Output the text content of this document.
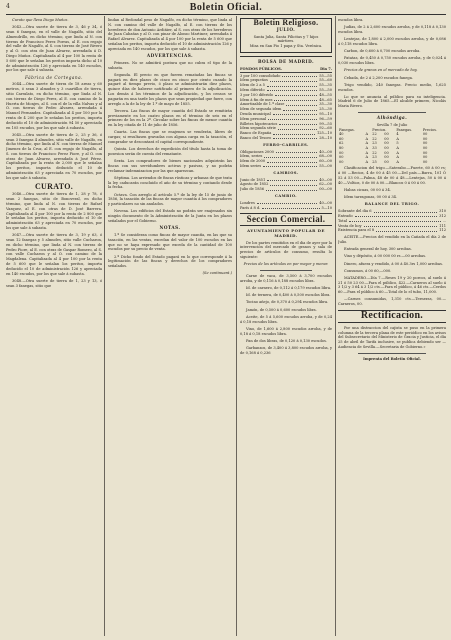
4	Boletin Oficial.

Curato que lleva Diego Muñoz.

3043.—Otra suerte de tierra de 3, 46 y 34, ó sean 6 fanegas, en el valle de Nagalfo, sitio del Almendrillo, en dicho término, que linda al N. con tierras de Francisco Perez Porras, al E. con regajo del valle de Nagalfo, al S. con tierras de José Rivero y al O. con otra de Juan Alvarez, arrendada á D. Diego Muñoz. Capitalizada al 4 por 100 la renta de 5 600 que le señalan los peritos importa dicho al 10 de administración 126 y apreciada en 140 escudos, por los que sale á subasta.

Fábrica de Cortegana.

3044.—Otra suerte de tierra de 18 areas y 60 metros, ó sean 3 almudes y 3 cuartillos de tierra, sitio Carralato, en dicho término, que linda al N. con tierras de Diego Perez, al E. con camino de la Huerta de Monjes, al S. con el de la villa Nalvas y al O. con tierras de Pedro Alvarez, arrendada á Manuel Fernandez. Capitalizada al 4 por 100 por la renta de 4 200 que le señalan los peritos, importa deducido el 10 de administración 94 50 y apreciada en 105 escudos, por los que sale á subasta.

3045.—Otra suerte de tierra de 2, 25 y 36, ó sean 3 fanegas 4 almudes, sitio valle de Nagalfo, en dicho término, que linda al N. con tierras de Manuel Jimenez de la Cruz, al E. con regajo de Nagalfo, al S. con tierras de Francisco Perez Fiore, y al O. con otras de Juan Alvarez, arrendada á José Pérez. Capitalizada por la renta de 2,000 que le señalan los peritos, importa deducido el 10 de administración 63 y apreciada en 70 escudos, por los que sale á subasta.

CURATO.

3046.—Otra suerte de tierra de 1, 28 y 78, ó sean 2 fanegas, sitio de Bonoveral, en dicho término, que linda al N. con tierras de Rafael Vazquez, al E. con otras de D. José Barrera. Capitalizada al 4 por 100 por la renta de 2 800 que le señalan los peritos, importa deducido el 10 de administración 63 y apreciada en 70 escudos, por los que sale á subasta.

3047.—Otra suerte de tierra de 3, 19 y 63, ó sean 12 fanegas y 5 almudes, sitio valle Cucharon, en dicho término, que linda al N. con tierras de Pedro Fiore, al E. con otras de Gaspar Romero, al S. con valle Cucharon y al O. con camino de la Magdalena. Capitalizada al 4 por 100 por la renta de 5 600 que le señalan los peritos, importa deducido el 10 de administración 126 y apreciada en 140 escudos, por los que sale á subasta.

3048.—Otra suerte de tierra de 1, 23 y 13, ó sean 3 fanegas, sitio que

lindan al Redondal peso de Nagalfo, en dicho término, que linda al N. con camino del valle de Nagalfo, al E. con tierras de los herederos de don Antonio Ardiñier, al S. con otras de los herederos de Juan Cabañas y al O. con pinar de Alonso Martinez; arrendada á Rafael Alvarez. Capitalizada al 4 por 100 por la renta de 5 600 que señalan los peritos, importa deducido el 10 de administración 126 y apreciada en 140 escudos, por los que sale á subasta.

ADVERTENCIAS.

Primera. No se admitirá postura que no cubra el tipo de la subasta.

Segunda. El precio en que fueren rematadas las fincas se pagará en diez plazos de cinco en cinco por ciento cuando la pagaré al tiempo previo, ó plazo se administrarán diez plazos, quince días de haberse notificado al primero de la adjudicación. Los demás á los términos de la adjudicación, y los censos se pagarán en una tarde los plazos que sean propiedad que fuere, con arreglo a la de la ley de 1.º de mayo de 1855.

Tercera. Las fincas de mayor cuantía del Estado se remitirán previamente en los cuatro plazos en el término de seis en el primero de los en la 2ª. Circular sobre las fincas de menor cuantía en la ley citada de 11 de julio de 1856.

Cuarta. Las fincas que se enajenen se venderán, libres de cargas; si resultasen gravadas con alguna carga en la tasación, el comprador se descontará el capital correspondiente.

Quinta. Los derechos de expedición del título hasta la toma de posesion serán de cuenta del rematante.

Sexta. Los compradores de bienes nacionales adquirirán las fincas con sus servidumbres activas y pasivas, y no podrán reclamar indemnizacion por las que aparezcan.

Séptima. Los arriendos de fincas rústicas y urbanas de que trata la ley caducarán concluido el año de su término y contando desde la fecha.

Octava. Con arreglo al artículo 5.º de la ley de 15 de junio de 1856, la tasación de las fincas de mayor cuantía á los compradores y particulares no sin anulados.

Novena. Los edificios del Estado no podrán ser enajenados sin ningún documento de la Administración de la Junta en los plazos señalados por el Gobierno.

NOTAS.

1.ª Se consideran como fincas de mayor cuantía, en las que su tasación, en las ventas, excedan del valor de 100 escudos en las que no se haya expresado que exceda de la cantidad de 100 escudos por su precio de venta.

2.ª Dicho fondo del Estado pagará en lo que corresponde á la legitimación de las fincas y derechos de los compradores señalados.

(Se continuará.)
Boletin Religioso.
JULIO.
Santa Julia, Santa Filicitas y 7 hijos mártires.
Misa en San Pio 1 papa y Sta. Verónica.
BOLSA DE MADRID.
FONDOS PÚBLICOS.	Dia 7.
3 por 100 consolidado	55—55
Idem pequeños	55—60
Idem de 2 a 5	55—35
Idem diferido	55—50
3 por 100 diferido	48—55
Idem á fin de mes	48—65
Amortizable de 1.ª clase	35—30
Idem de segunda idem	25—30
Deuda municipal	95—10
Idem personal	96—59
Billetes hipotecarios	99—55
Idem segunda série	92—60
Banco de España	125—10
Banco del Tesoro	28—10
FERRO-CARRILES.
Obligaciones 2000	40—00
Idem, series	68—00
Idem de 2000	60—00
Idem series	55—00
CAMBIOS.
Junio de 1851	40—00
Agosto de 1852	62—00
Julio de 1856	00—00
CAMBIO.
Londres	40—00
París á 8 d.	5—10
Seccion Comercial.
AYUNTAMIENTO POPULAR DE MADRID.

De los partes remitidos en el dia de ayer por la intervención del mercado de granos y sala de precios de artículos de consumo, resulta lo siguiente:

Precios de los artículos en por mayor y menor.

Carne de vaca, de 3,500 á 3,700 escudos arroba, y de 0,116 á 0,188 escudos libra.

Id. de carnero, de 0,112 á 0,179 escudos libra.

Id. de ternera, de 0,400 á 0,500 escudos libra.

Tocino añejo, de 0,370 á 0,294 escudos libra.

Jamón, de 0,500 á 0,600 escudos libra.

Aceite, de 5 á 5,600 escudos arroba, y de 0,24 á 0,18 escudos libra.

Vino, de 1,600 á 2,800 escudos arroba, y de 0,18 á 0,18 escudos libra.

Pan de dos libras, de 0,120 á 0,130 escudos.

Garbanzos, de 3,400 á 3,800 escudos arroba, y de 0,168 á 0,236

escudos libra.

Judías, de 2 á 2,600 escudos arroba, y de 0,118 á 0,130 escudos libra.

Lentejas, de 1,800 á 2,000 escudos arroba, y de 0,086 á 0,118 escudos libra.

Carbon, de 0,600 á 0,700 escudos arroba.

Patatas, de 0,450 á 0,750 escudos arroba, y de 0,024 á 0,030 escudos libra.

Precios de granos en el mercado de hoy.

Cebada, de 2 á 2,200 escudos fanega.

Trigo vendido, 240 fanegas. Precio medio, 1,625 escudos.

Lo que se anuncia al público para su inteligencia. Madrid 6 de Julio de 1865.—El alcalde primero, Nicolás Maria Rivero.

Alhóndiga.
Sevilla 7 de Julio
Fanegas.		Precios.		Fanegas.	Precios.
40	A	22	00	4	00
60	A	22	00	A	00
62	A	23	00	5	00
80	A	33	00	A	00
00	A	22	00	A	00
00	A	23	00	A	00
00	A	25	00	A	00

Clasificacion del trigo.—Saterabo.—Fuerte, 60 á 00 rs; á 00 —Recios, 4 de 00 á 45 00.—Del país.—Barra, 101 Ó 52 á 53 00.—Palma, 48 de 00 á 48.—Lentejas, 50 á 00 á 40.—Voltios, 0 de 00 á 00.—Blancos 0 á 00 á 00.

Habas cicuas, 00 00 á 34.

Idem tarragonas, 00 00 á 34.

BALANCE DEL TRIGO.
Sobrante del dia 6	310
Entrado	312
Total	...
Venta de hoy	111
Existencia para el 8	112

ACEITE.—Precios del vendido en la Cañada el día 2 de Julio.

Entrada general de hoy, 300 arrobas.

Vino y dépósito, á 00 000 00 rs.—00 arrobas.

Dinero, afuera y vendido, á 00 á 40.3rs 1,000 arrobas.

Consumos, á 00 60,—000.

MATADERO.—Día 7.—Reses 19 y 20 porcos, al suelo á 21 ó 50 23 00.—Para el público, 422.—Carneros al suelo á 3 1/2 y 3 64 á 3 1/2 cts.—Para el público, á 46 cts.—Cerdos 60.—Para el público á 60.—Total de lo el tubo, 11,000.

—Carnes consumidas, 1,310 cts.—Terneras, 00.—Carneros, 00.

Rectificacion.

Por una distraccion del cajista se puso en la primera columna de la tercera plana de este periódico en los avisos del Subsecretario del Ministerio de Gracia y Justicia, el día 25 de abril de Tarifa inclusive, se publica debiendo ser —Audiencia de Sevilla.—Secretaria de Gobierno.»

Imprenta del Boletin Oficial.
